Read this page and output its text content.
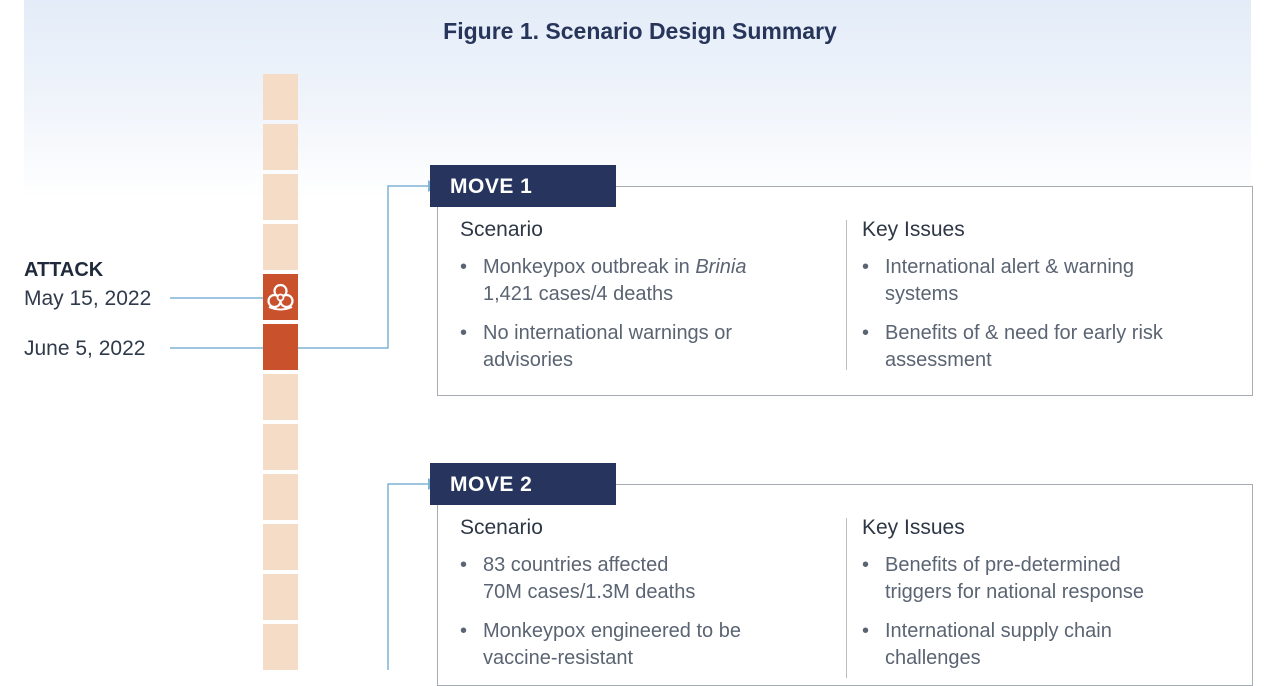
Figure 1. Scenario Design Summary
ATTACK
May 15, 2022
June 5, 2022
MOVE 1
Scenario
• Monkeypox outbreak in Brinia
1,421 cases/4 deaths
• No international warnings or
advisories
Key Issues
• International alert & warning
systems
• Benefits of & need for early risk
assessment
MOVE 2
Scenario
• 83 countries affected
70M cases/1.3M deaths
• Monkeypox engineered to be
vaccine-resistant
Key Issues
• Benefits of pre-determined
triggers for national response
• International supply chain
challenges
